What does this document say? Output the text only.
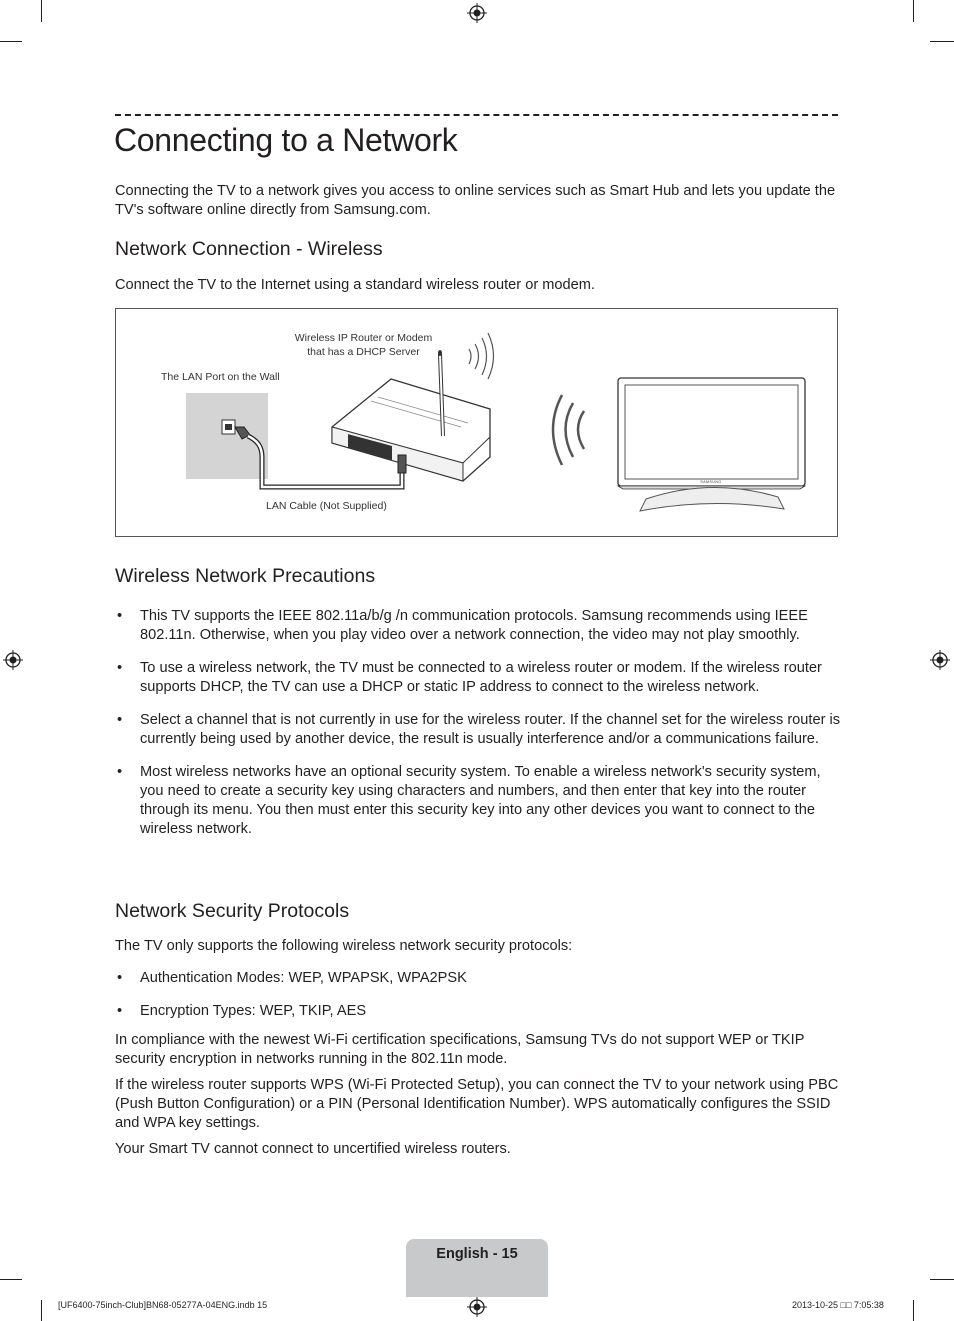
Connecting to a Network

Connecting the TV to a network gives you access to online services such as Smart Hub and lets you update the TV's software online directly from Samsung.com.

Network Connection - Wireless

Connect the TV to the Internet using a standard wireless router or modem.

The LAN Port on the Wall
Wireless IP Router or Modem
that has a DHCP Server
LAN Cable (Not Supplied)
SAMSUNG
Wireless Network Precautions
• This TV supports the IEEE 802.11a/b/g /n communication protocols. Samsung recommends using IEEE 802.11n. Otherwise, when you play video over a network connection, the video may not play smoothly.
• To use a wireless network, the TV must be connected to a wireless router or modem. If the wireless router supports DHCP, the TV can use a DHCP or static IP address to connect to the wireless network.
• Select a channel that is not currently in use for the wireless router. If the channel set for the wireless router is currently being used by another device, the result is usually interference and/or a communications failure.
• Most wireless networks have an optional security system. To enable a wireless network's security system, you need to create a security key using characters and numbers, and then enter that key into the router through its menu. You then must enter this security key into any other devices you want to connect to the wireless network.
Network Security Protocols

The TV only supports the following wireless network security protocols:

• Authentication Modes: WEP, WPAPSK, WPA2PSK
• Encryption Types: WEP, TKIP, AES

In compliance with the newest Wi-Fi certification specifications, Samsung TVs do not support WEP or TKIP security encryption in networks running in the 802.11n mode.

If the wireless router supports WPS (Wi-Fi Protected Setup), you can connect the TV to your network using PBC (Push Button Configuration) or a PIN (Personal Identification Number). WPS automatically configures the SSID and WPA key settings.

Your Smart TV cannot connect to uncertified wireless routers.

English - 15
[UF6400-75inch-Club]BN68-05277A-04ENG.indb 15	2013-10-25 □□ 7:05:38
